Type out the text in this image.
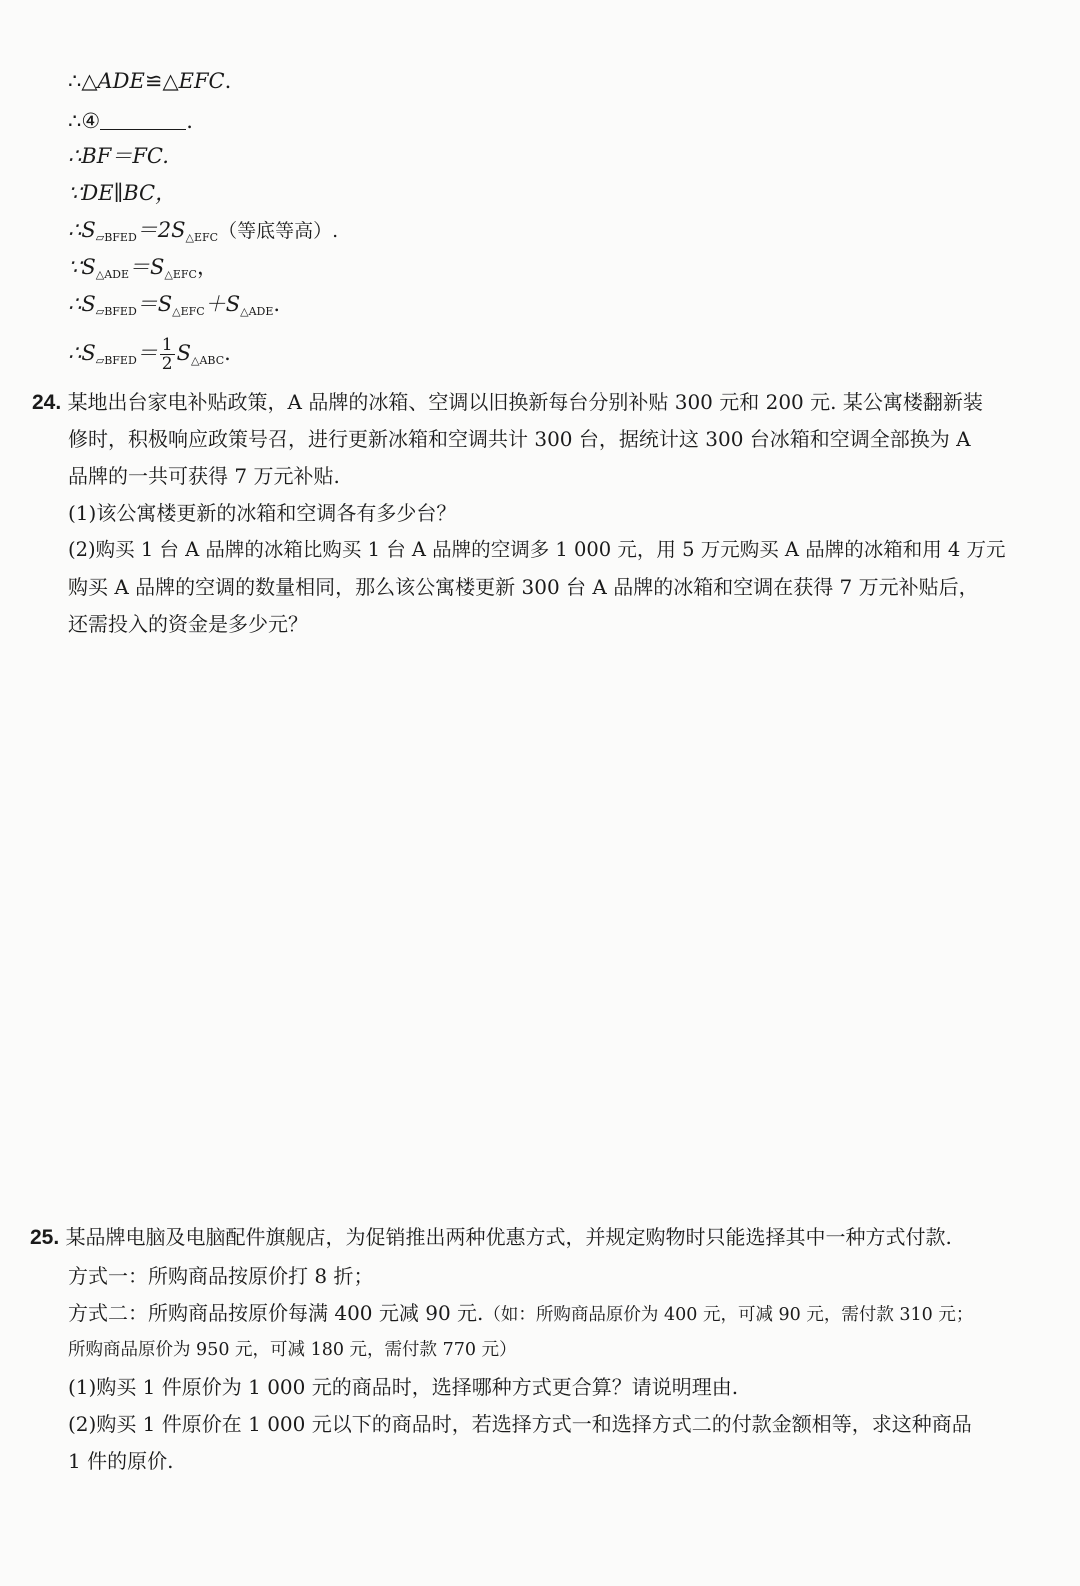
∴△ADE≌△EFC.
∴④	.
∴BF＝FC.
∵DE∥BC，
$\therefore S_{▱BFED}=2S_{\triangle EFC}$（等底等高）.
$\because S_{\triangle ADE}=S_{\triangle EFC}$，
$\therefore S_{▱BFED}=S_{\triangle EFC}+S_{\triangle ADE}$.
$\therefore S_{▱BFED}= \frac{1}{2} S_{\triangle ABC}$.
24. 某地出台家电补贴政策，A 品牌的冰箱、空调以旧换新每台分别补贴 300 元和 200 元. 某公寓楼翻新装
修时，积极响应政策号召，进行更新冰箱和空调共计 300 台，据统计这 300 台冰箱和空调全部换为 A
品牌的一共可获得 7 万元补贴.
(1)该公寓楼更新的冰箱和空调各有多少台？
(2)购买 1 台 A 品牌的冰箱比购买 1 台 A 品牌的空调多 1 000 元，用 5 万元购买 A 品牌的冰箱和用 4 万元
购买 A 品牌的空调的数量相同，那么该公寓楼更新 300 台 A 品牌的冰箱和空调在获得 7 万元补贴后，
还需投入的资金是多少元？
25. 某品牌电脑及电脑配件旗舰店，为促销推出两种优惠方式，并规定购物时只能选择其中一种方式付款.
方式一：所购商品按原价打 8 折；
方式二：所购商品按原价每满 400 元减 90 元.（如：所购商品原价为 400 元，可减 90 元，需付款 310 元；
所购商品原价为 950 元，可减 180 元，需付款 770 元）
(1)购买 1 件原价为 1 000 元的商品时，选择哪种方式更合算？请说明理由.
(2)购买 1 件原价在 1 000 元以下的商品时，若选择方式一和选择方式二的付款金额相等，求这种商品
1 件的原价.
